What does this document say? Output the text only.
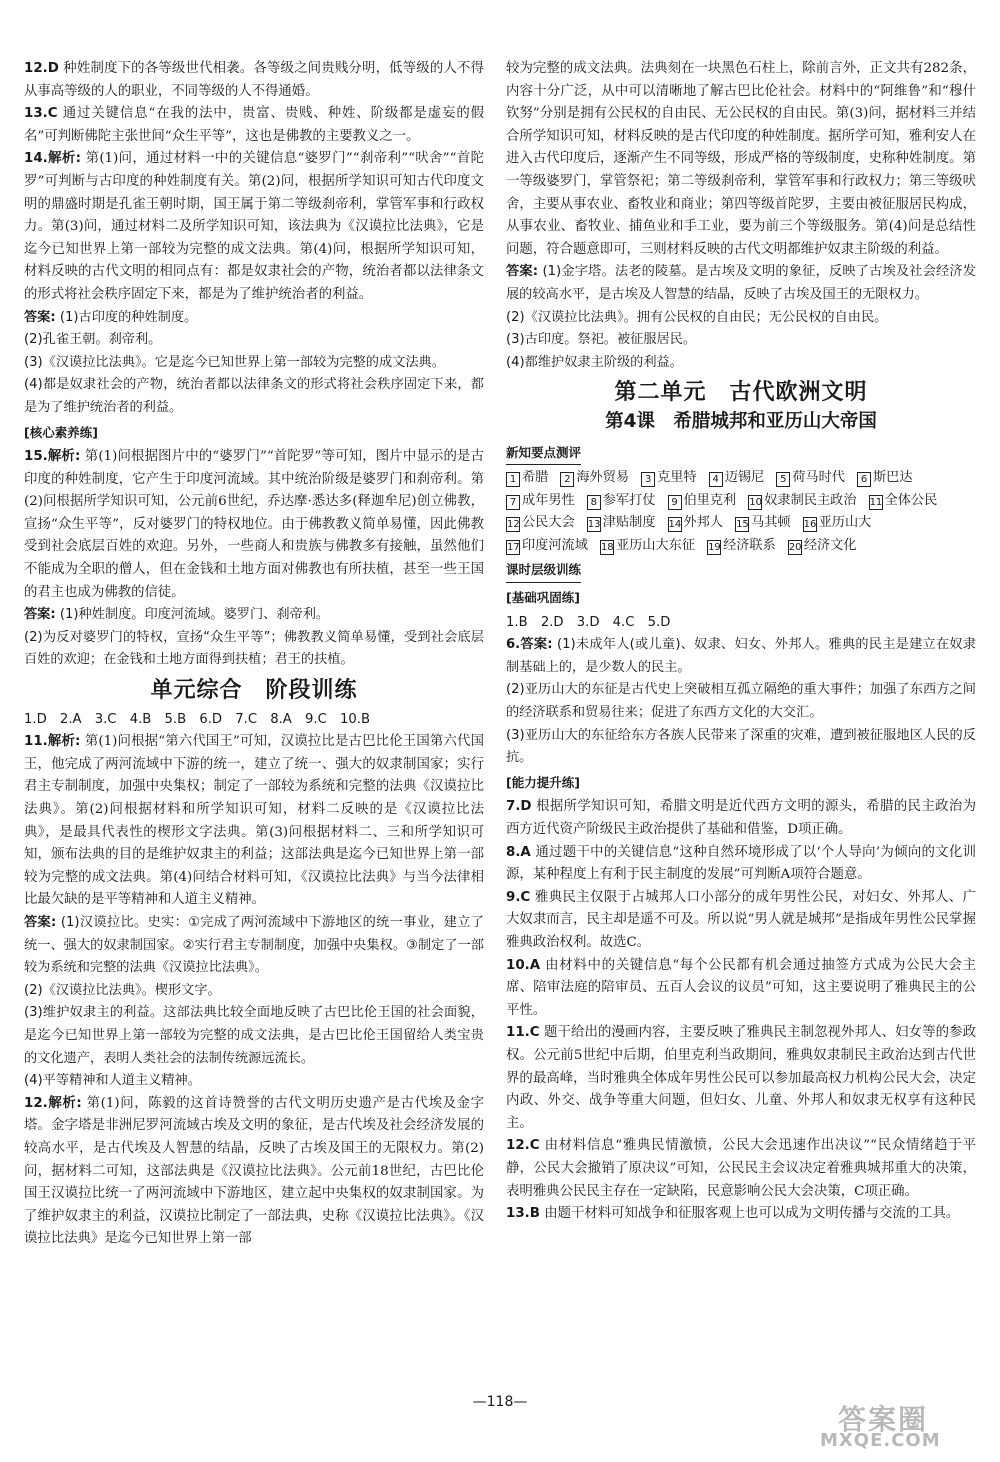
12.D 种姓制度下的各等级世代相袭。各等级之间贵贱分明，低等级的人不得从事高等级的人的职业，不同等级的人不得通婚。

13.C 通过关键信息“在我的法中，贵富、贵贱、种姓、阶级都是虚妄的假名”可判断佛陀主张世间“众生平等”，这也是佛教的主要教义之一。

14.解析: 第(1)问，通过材料一中的关键信息“婆罗门”“刹帝利”“吠舍”“首陀罗”可判断与古印度的种姓制度有关。第(2)问，根据所学知识可知古代印度文明的鼎盛时期是孔雀王朝时期，国王属于第二等级刹帝利，掌管军事和行政权力。第(3)问，通过材料二及所学知识可知，该法典为《汉谟拉比法典》，它是迄今已知世界上第一部较为完整的成文法典。第(4)问，根据所学知识可知，材料反映的古代文明的相同点有：都是奴隶社会的产物，统治者都以法律条文的形式将社会秩序固定下来，都是为了维护统治者的利益。

答案: (1)古印度的种姓制度。

(2)孔雀王朝。刹帝利。

(3)《汉谟拉比法典》。它是迄今已知世界上第一部较为完整的成文法典。

(4)都是奴隶社会的产物，统治者都以法律条文的形式将社会秩序固定下来，都是为了维护统治者的利益。

[核心素养练]

15.解析: 第(1)问根据图片中的“婆罗门”“首陀罗”等可知，图片中显示的是古印度的种姓制度，它产生于印度河流域。其中统治阶级是婆罗门和刹帝利。第(2)问根据所学知识可知，公元前6世纪，乔达摩·悉达多(释迦牟尼)创立佛教，宣扬“众生平等”，反对婆罗门的特权地位。由于佛教教义简单易懂，因此佛教受到社会底层百姓的欢迎。另外，一些商人和贵族与佛教多有接触，虽然他们不能成为全职的僧人，但在金钱和土地方面对佛教也有所扶植，甚至一些王国的君主也成为佛教的信徒。

答案: (1)种姓制度。印度河流域。婆罗门、刹帝利。

(2)为反对婆罗门的特权，宣扬“众生平等”；佛教教义简单易懂，受到社会底层百姓的欢迎；在金钱和土地方面得到扶植；君王的扶植。

单元综合　阶段训练

1.D　2.A　3.C　4.B　5.B　6.D　7.C　8.A　9.C　10.B

11.解析: 第(1)问根据“第六代国王”可知，汉谟拉比是古巴比伦王国第六代国王，他完成了两河流域中下游的统一，建立了统一、强大的奴隶制国家；实行君主专制制度，加强中央集权；制定了一部较为系统和完整的法典《汉谟拉比法典》。第(2)问根据材料和所学知识可知，材料二反映的是《汉谟拉比法典》，是最具代表性的楔形文字法典。第(3)问根据材料二、三和所学知识可知，颁布法典的目的是维护奴隶主的利益；这部法典是迄今已知世界上第一部较为完整的成文法典。第(4)问结合材料可知，《汉谟拉比法典》与当今法律相比最欠缺的是平等精神和人道主义精神。

答案: (1)汉谟拉比。史实：①完成了两河流域中下游地区的统一事业，建立了统一、强大的奴隶制国家。②实行君主专制制度，加强中央集权。③制定了一部较为系统和完整的法典《汉谟拉比法典》。

(2)《汉谟拉比法典》。楔形文字。

(3)维护奴隶主的利益。这部法典比较全面地反映了古巴比伦王国的社会面貌，是迄今已知世界上第一部较为完整的成文法典，是古巴比伦王国留给人类宝贵的文化遗产，表明人类社会的法制传统源远流长。

(4)平等精神和人道主义精神。

12.解析: 第(1)问，陈毅的这首诗赞誉的古代文明历史遗产是古代埃及金字塔。金字塔是非洲尼罗河流域古埃及文明的象征，是古代埃及社会经济发展的较高水平，是古代埃及人智慧的结晶，反映了古埃及国王的无限权力。第(2)问，据材料二可知，这部法典是《汉谟拉比法典》。公元前18世纪，古巴比伦国王汉谟拉比统一了两河流域中下游地区，建立起中央集权的奴隶制国家。为了维护奴隶主的利益，汉谟拉比制定了一部法典，史称《汉谟拉比法典》。《汉谟拉比法典》是迄今已知世界上第一部

较为完整的成文法典。法典刻在一块黑色石柱上，除前言外，正文共有282条，内容十分广泛，从中可以清晰地了解古巴比伦社会。材料中的“阿维鲁”和“穆什钦努”分别是拥有公民权的自由民、无公民权的自由民。第(3)问，据材料三并结合所学知识可知，材料反映的是古代印度的种姓制度。据所学可知，雅利安人在进入古代印度后，逐渐产生不同等级，形成严格的等级制度，史称种姓制度。第一等级婆罗门，掌管祭祀；第二等级刹帝利，掌管军事和行政权力；第三等级吠舍，主要从事农业、畜牧业和商业；第四等级首陀罗，主要由被征服居民构成，从事农业、畜牧业、捕鱼业和手工业，要为前三个等级服务。第(4)问是总结性问题，符合题意即可，三则材料反映的古代文明都维护奴隶主阶级的利益。

答案: (1)金字塔。法老的陵墓。是古埃及文明的象征，反映了古埃及社会经济发展的较高水平，是古埃及人智慧的结晶，反映了古埃及国王的无限权力。

(2)《汉谟拉比法典》。拥有公民权的自由民；无公民权的自由民。

(3)古印度。祭祀。被征服居民。

(4)都维护奴隶主阶级的利益。

第二单元　古代欧洲文明
第4课　希腊城邦和亚历山大帝国
新知要点测评
1 希腊 2 海外贸易 3 克里特 4 迈锡尼 5 荷马时代 6 斯巴达7 成年男性 8 参军打仗 9 伯里克利 10 奴隶制民主政治 11 全体公民12 公民大会 13 津贴制度 14 外邦人 15 马其顿 16 亚历山大17 印度河流域 18 亚历山大东征 19 经济联系 20 经济文化
课时层级训练
[基础巩固练]

1.B　2.D　3.D　4.C　5.D

6.答案: (1)未成年人(或儿童)、奴隶、妇女、外邦人。雅典的民主是建立在奴隶制基础上的，是少数人的民主。

(2)亚历山大的东征是古代史上突破相互孤立隔绝的重大事件；加强了东西方之间的经济联系和贸易往来；促进了东西方文化的大交汇。

(3)亚历山大的东征给东方各族人民带来了深重的灾难，遭到被征服地区人民的反抗。

[能力提升练]

7.D 根据所学知识可知，希腊文明是近代西方文明的源头，希腊的民主政治为西方近代资产阶级民主政治提供了基础和借鉴，D项正确。

8.A 通过题干中的关键信息“这种自然环境形成了以‘个人导向’为倾向的文化训源，某种程度上有利于民主制度的发展”可判断A项符合题意。

9.C 雅典民主仅限于占城邦人口小部分的成年男性公民，对妇女、外邦人、广大奴隶而言，民主却是遥不可及。所以说“男人就是城邦”是指成年男性公民掌握雅典政治权利。故选C。

10.A 由材料中的关键信息“每个公民都有机会通过抽签方式成为公民大会主席、陪审法庭的陪审员、五百人会议的议员”可知，这主要说明了雅典民主的公平性。

11.C 题干给出的漫画内容，主要反映了雅典民主制忽视外邦人、妇女等的参政权。公元前5世纪中后期，伯里克利当政期间，雅典奴隶制民主政治达到古代世界的最高峰，当时雅典全体成年男性公民可以参加最高权力机构公民大会，决定内政、外交、战争等重大问题，但妇女、儿童、外邦人和奴隶无权享有这种民主。

12.C 由材料信息“雅典民情激愤，公民大会迅速作出决议”“民众情绪趋于平静，公民大会撤销了原决议”可知，公民民主会议决定着雅典城邦重大的决策，表明雅典公民民主存在一定缺陷，民意影响公民大会决策，C项正确。

13.B 由题干材料可知战争和征服客观上也可以成为文明传播与交流的工具。

—118—
答案圈
MXQE.COM
